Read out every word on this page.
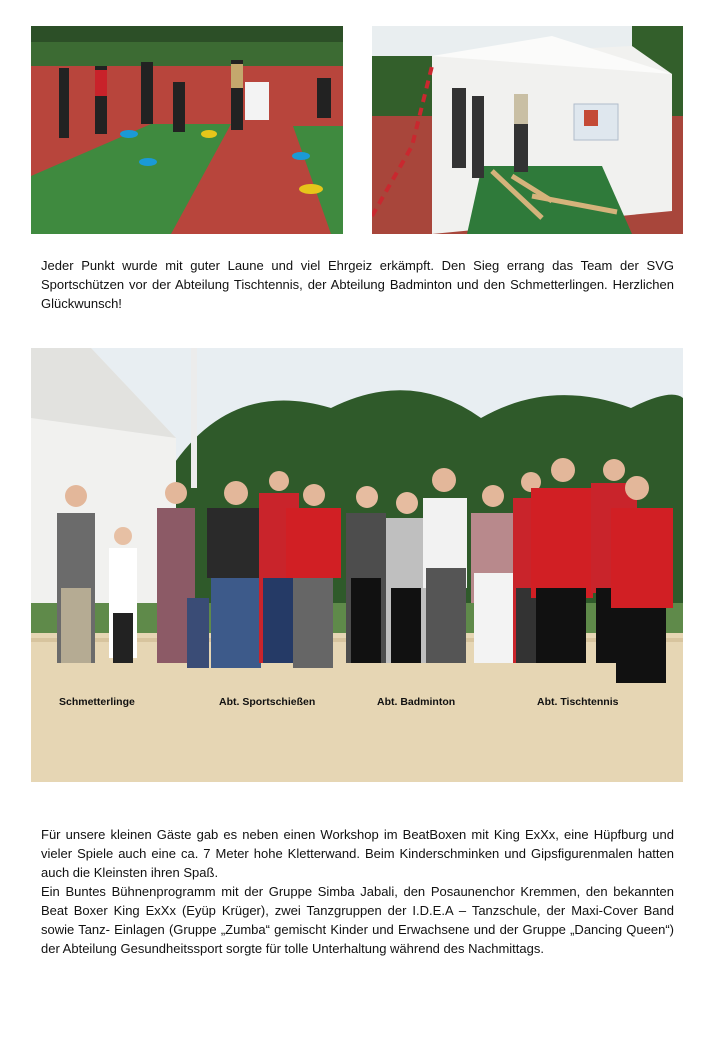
Jeder Punkt wurde mit guter Laune und viel Ehrgeiz erkämpft. Den Sieg errang das Team der SVG Sportschützen vor der Abteilung Tischtennis, der Abteilung Badminton und den Schmetterlingen. Herzlichen Glückwunsch!

Schmetterlinge	Abt. Sportschießen	Abt. Badminton	Abt. Tischtennis

Für unsere kleinen Gäste gab es neben einen Workshop im BeatBoxen mit King ExXx, eine Hüpfburg und vieler Spiele auch eine ca. 7 Meter hohe Kletterwand. Beim Kinderschminken und Gipsfigurenmalen hatten auch die Kleinsten ihren Spaß.

Ein Buntes Bühnenprogramm mit der Gruppe Simba Jabali, den Posaunenchor Kremmen, den bekannten Beat Boxer King ExXx (Eyüp Krüger), zwei Tanzgruppen der I.D.E.A – Tanzschule, der Maxi-Cover Band sowie Tanz- Einlagen (Gruppe „Zumba“ gemischt Kinder und Erwachsene und der Gruppe „Dancing Queen“) der Abteilung Gesundheitssport sorgte für tolle Unterhaltung während des Nachmittags.
